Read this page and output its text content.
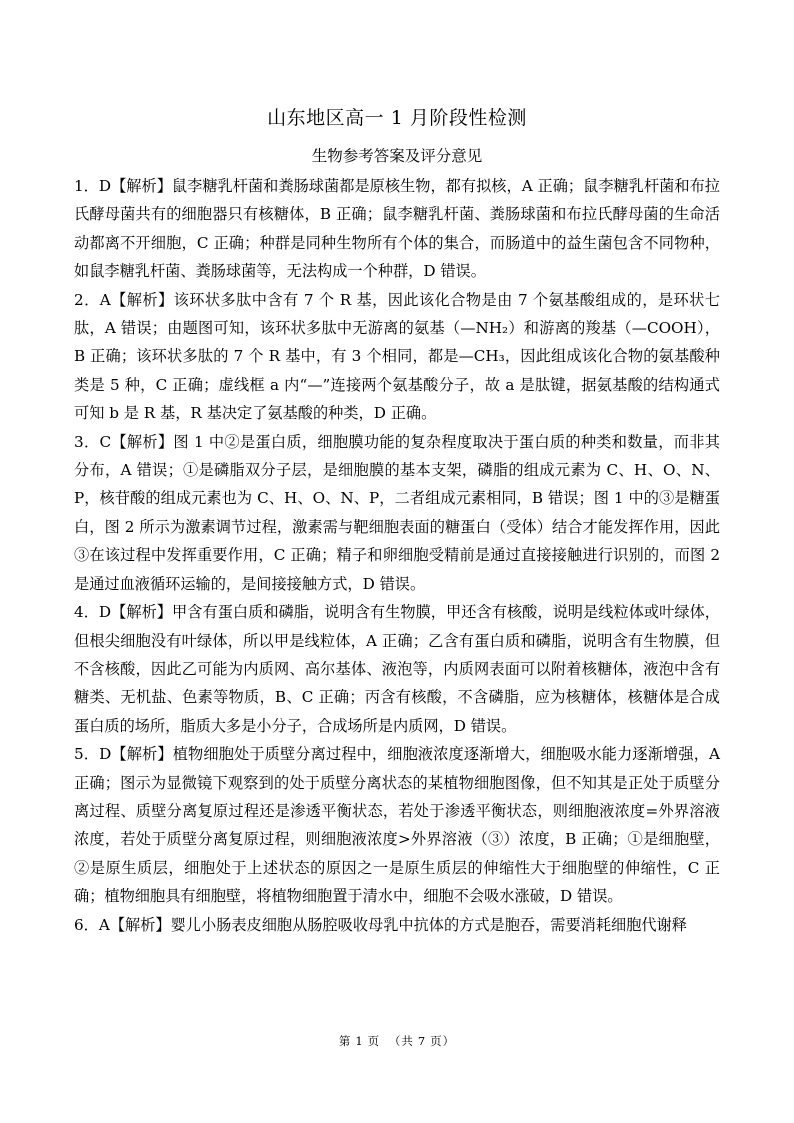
山东地区高一 1 月阶段性检测
生物参考答案及评分意见

1．D【解析】鼠李糖乳杆菌和粪肠球菌都是原核生物，都有拟核，A 正确；鼠李糖乳杆菌和布拉氏酵母菌共有的细胞器只有核糖体，B 正确；鼠李糖乳杆菌、粪肠球菌和布拉氏酵母菌的生命活动都离不开细胞，C 正确；种群是同种生物所有个体的集合，而肠道中的益生菌包含不同物种，如鼠李糖乳杆菌、粪肠球菌等，无法构成一个种群，D 错误。

2．A【解析】该环状多肽中含有 7 个 R 基，因此该化合物是由 7 个氨基酸组成的，是环状七肽，A 错误；由题图可知，该环状多肽中无游离的氨基（—NH₂）和游离的羧基（—COOH），B 正确；该环状多肽的 7 个 R 基中，有 3 个相同，都是—CH₃，因此组成该化合物的氨基酸种类是 5 种，C 正确；虚线框 a 内“—”连接两个氨基酸分子，故 a 是肽键，据氨基酸的结构通式可知 b 是 R 基，R 基决定了氨基酸的种类，D 正确。

3．C【解析】图 1 中②是蛋白质，细胞膜功能的复杂程度取决于蛋白质的种类和数量，而非其分布，A 错误；①是磷脂双分子层，是细胞膜的基本支架，磷脂的组成元素为 C、H、O、N、P，核苷酸的组成元素也为 C、H、O、N、P，二者组成元素相同，B 错误；图 1 中的③是糖蛋白，图 2 所示为激素调节过程，激素需与靶细胞表面的糖蛋白（受体）结合才能发挥作用，因此③在该过程中发挥重要作用，C 正确；精子和卵细胞受精前是通过直接接触进行识别的，而图 2 是通过血液循环运输的，是间接接触方式，D 错误。

4．D【解析】甲含有蛋白质和磷脂，说明含有生物膜，甲还含有核酸，说明是线粒体或叶绿体，但根尖细胞没有叶绿体，所以甲是线粒体，A 正确；乙含有蛋白质和磷脂，说明含有生物膜，但不含核酸，因此乙可能为内质网、高尔基体、液泡等，内质网表面可以附着核糖体，液泡中含有糖类、无机盐、色素等物质，B、C 正确；丙含有核酸，不含磷脂，应为核糖体，核糖体是合成蛋白质的场所，脂质大多是小分子，合成场所是内质网，D 错误。

5．D【解析】植物细胞处于质壁分离过程中，细胞液浓度逐渐增大，细胞吸水能力逐渐增强，A 正确；图示为显微镜下观察到的处于质壁分离状态的某植物细胞图像，但不知其是正处于质壁分离过程、质壁分离复原过程还是渗透平衡状态，若处于渗透平衡状态，则细胞液浓度=外界溶液浓度，若处于质壁分离复原过程，则细胞液浓度>外界溶液（③）浓度，B 正确；①是细胞壁，②是原生质层，细胞处于上述状态的原因之一是原生质层的伸缩性大于细胞壁的伸缩性，C 正确；植物细胞具有细胞壁，将植物细胞置于清水中，细胞不会吸水涨破，D 错误。

6．A【解析】婴儿小肠表皮细胞从肠腔吸收母乳中抗体的方式是胞吞，需要消耗细胞代谢释

第 1 页 （共 7 页）
